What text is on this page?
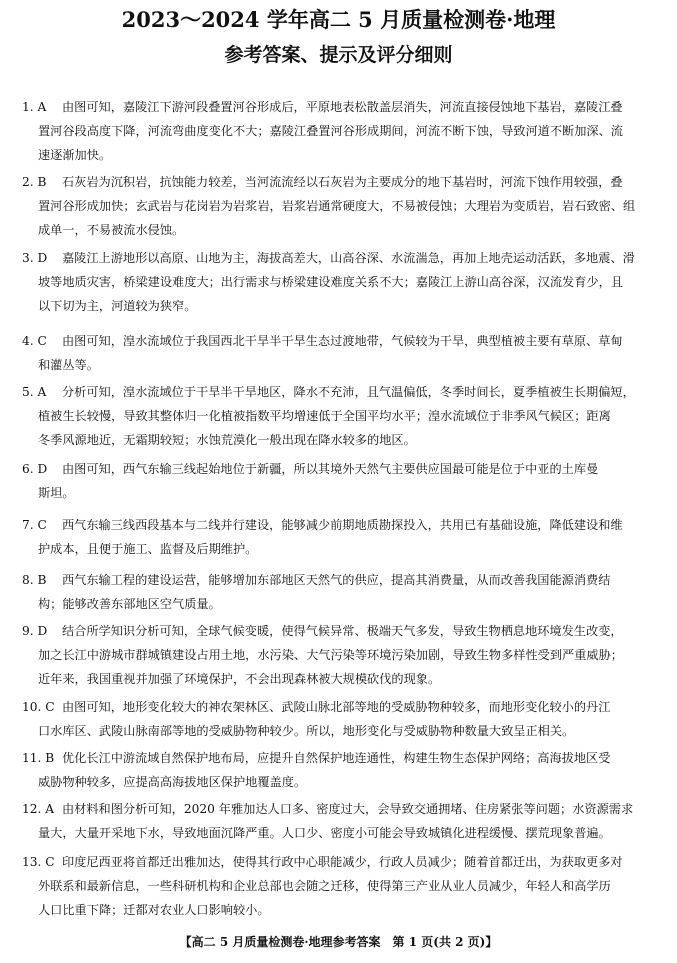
2023～2024 学年高二 5 月质量检测卷·地理
参考答案、提示及评分细则
1. A 由图可知，嘉陵江下游河段叠置河谷形成后，平原地表松散盖层消失，河流直接侵蚀地下基岩，嘉陵江叠
置河谷段高度下降，河流弯曲度变化不大；嘉陵江叠置河谷形成期间，河流不断下蚀，导致河道不断加深、流
速逐渐加快。
2. B 石灰岩为沉积岩，抗蚀能力较差，当河流流经以石灰岩为主要成分的地下基岩时，河流下蚀作用较强，叠
置河谷形成加快；玄武岩与花岗岩为岩浆岩，岩浆岩通常硬度大，不易被侵蚀；大理岩为变质岩，岩石致密、组
成单一，不易被流水侵蚀。
3. D 嘉陵江上游地形以高原、山地为主，海拔高差大，山高谷深、水流湍急，再加上地壳运动活跃，多地震、滑
坡等地质灾害，桥梁建设难度大；出行需求与桥梁建设难度关系不大；嘉陵江上游山高谷深，汉流发育少，且
以下切为主，河道较为狭窄。
4. C 由图可知，湟水流域位于我国西北干旱半干旱生态过渡地带，气候较为干旱，典型植被主要有草原、草甸
和灌丛等。
5. A 分析可知，湟水流域位于干旱半干旱地区，降水不充沛，且气温偏低，冬季时间长，夏季植被生长期偏短，
植被生长较慢，导致其整体归一化植被指数平均增速低于全国平均水平；湟水流域位于非季风气候区；距离
冬季风源地近，无霜期较短；水蚀荒漠化一般出现在降水较多的地区。
6. D 由图可知，西气东输三线起始地位于新疆，所以其境外天然气主要供应国最可能是位于中亚的土库曼
斯坦。
7. C 西气东输三线西段基本与二线并行建设，能够减少前期地质勘探投入，共用已有基础设施，降低建设和维
护成本，且便于施工、监督及后期维护。
8. B 西气东输工程的建设运营，能够增加东部地区天然气的供应，提高其消费量，从而改善我国能源消费结
构；能够改善东部地区空气质量。
9. D 结合所学知识分析可知，全球气候变暖，使得气候异常、极端天气多发，导致生物栖息地环境发生改变，
加之长江中游城市群城镇建设占用土地，水污染、大气污染等环境污染加剧，导致生物多样性受到严重威胁；
近年来，我国重视并加强了环境保护，不会出现森林被大规模砍伐的现象。
10. C 由图可知，地形变化较大的神农架林区、武陵山脉北部等地的受威胁物种较多，而地形变化较小的丹江
口水库区、武陵山脉南部等地的受威胁物种较少。所以，地形变化与受威胁物种数量大致呈正相关。
11. B 优化长江中游流域自然保护地布局，应提升自然保护地连通性，构建生物生态保护网络；高海拔地区受
威胁物种较多，应提高高海拔地区保护地覆盖度。
12. A 由材料和图分析可知，2020 年雅加达人口多、密度过大，会导致交通拥堵、住房紧张等问题；水资源需求
量大，大量开采地下水，导致地面沉降严重。人口少、密度小可能会导致城镇化进程缓慢、摆荒现象普遍。
13. C 印度尼西亚将首都迁出雅加达，使得其行政中心职能减少，行政人员减少；随着首都迁出，为获取更多对
外联系和最新信息，一些科研机构和企业总部也会随之迁移，使得第三产业从业人员减少，年轻人和高学历
人口比重下降；迁都对农业人口影响较小。
【高二 5 月质量检测卷·地理参考答案　第 1 页(共 2 页)】
